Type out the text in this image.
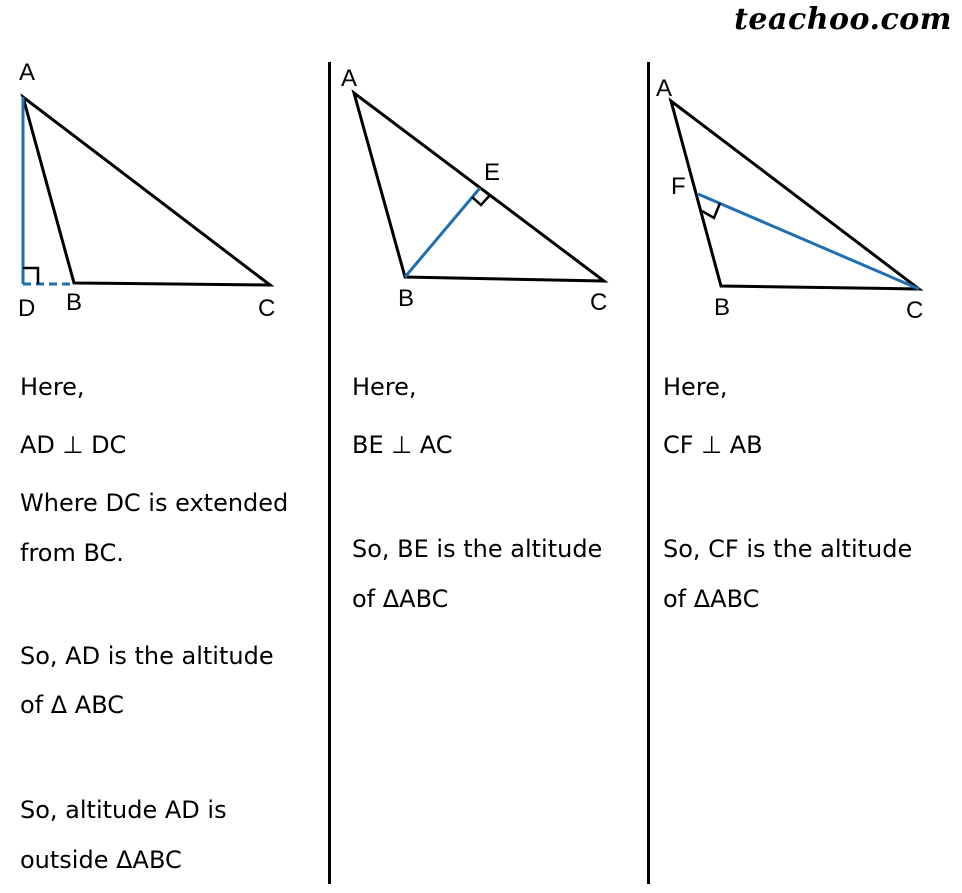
teachoo.com
A
D B	C
A
E
B	C
A
F
B	C
Here,
AD ⊥ DC
Where DC is extended
from BC.
So, AD is the altitude
of Δ ABC
So, altitude AD is
outside ΔABC
Here,
BE ⊥ AC
So, BE is the altitude
of ΔABC
Here,
CF ⊥ AB
So, CF is the altitude
of ΔABC
